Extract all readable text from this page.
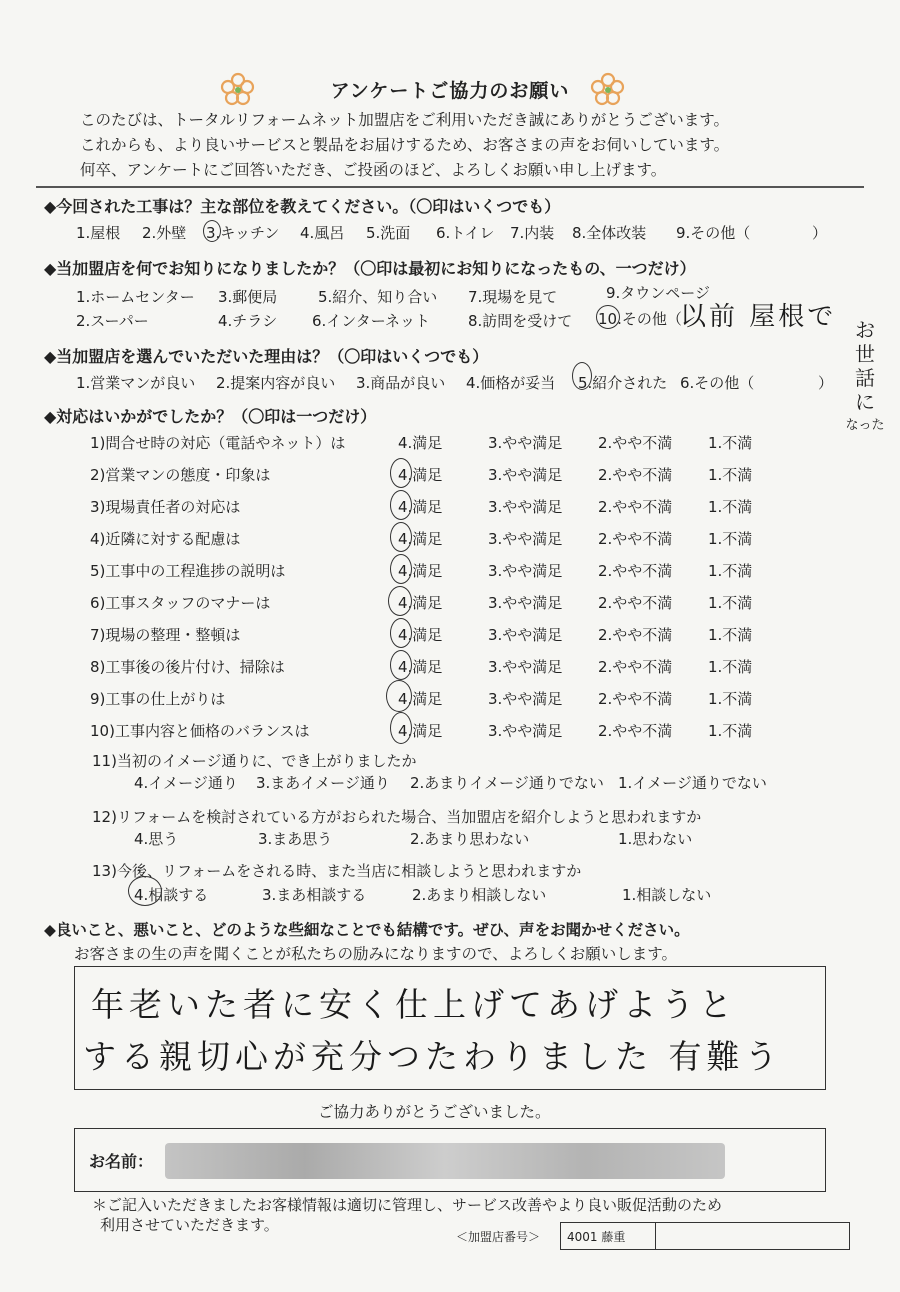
アンケートご協力のお願い
このたびは、トータルリフォームネット加盟店をご利用いただき誠にありがとうございます。
これからも、より良いサービスと製品をお届けするため、お客さまの声をお伺いしています。
何卒、アンケートにご回答いただき、ご投函のほど、よろしくお願い申し上げます。
◆今回された工事は？主な部位を教えてください。（〇印はいくつでも）
1.屋根 2.外壁 3.キッチン 4.風呂 5.洗面 6.トイレ 7.内装 8.全体改装 9.その他（	）
◆当加盟店を何でお知りになりましたか？（〇印は最初にお知りになったもの、一つだけ）
1.ホームセンター 3.郵便局	5.紹介、知り合い 7.現場を見て	9.タウンページ
2.スーパー	4.チラシ 6.インターネット	8.訪問を受けて 10.その他（
以前 屋根で お
世
話
に
なった
◆当加盟店を選んでいただいた理由は？（〇印はいくつでも）
1.営業マンが良い 2.提案内容が良い 3.商品が良い 4.価格が妥当 5.紹介された 6.その他（	）
◆対応はいかがでしたか？（〇印は一つだけ）
1)問合せ時の対応（電話やネット）は	4.満足	3.やや満足 2.やや不満 1.不満
2)営業マンの態度・印象は	4.満足	3.やや満足 2.やや不満 1.不満
3)現場責任者の対応は	4.満足	3.やや満足 2.やや不満 1.不満
4)近隣に対する配慮は	4.満足	3.やや満足 2.やや不満 1.不満
5)工事中の工程進捗の説明は	4.満足	3.やや満足 2.やや不満 1.不満
6)工事スタッフのマナーは	4.満足	3.やや満足 2.やや不満 1.不満
7)現場の整理・整頓は	4.満足	3.やや満足 2.やや不満 1.不満
8)工事後の後片付け、掃除は	4.満足	3.やや満足 2.やや不満 1.不満
9)工事の仕上がりは	4.満足	3.やや満足 2.やや不満 1.不満
10)工事内容と価格のバランスは	4.満足	3.やや満足 2.やや不満 1.不満
11)当初のイメージ通りに、でき上がりましたか
4.イメージ通り 3.まあイメージ通り 2.あまりイメージ通りでない 1.イメージ通りでない
12)リフォームを検討されている方がおられた場合、当加盟店を紹介しようと思われますか
4.思う	3.まあ思う	2.あまり思わない	1.思わない
13)今後、リフォームをされる時、また当店に相談しようと思われますか
4.相談する	3.まあ相談する	2.あまり相談しない	1.相談しない
◆良いこと、悪いこと、どのような些細なことでも結構です。ぜひ、声をお聞かせください。
お客さまの生の声を聞くことが私たちの励みになりますので、よろしくお願いします。
年老いた者に安く仕上げてあげようと
する親切心が充分つたわりました 有難う
ご協力ありがとうございました。
お名前：
＊ご記入いただきましたお客様情報は適切に管理し、サービス改善やより良い販促活動のため
利用させていただきます。
＜加盟店番号＞ 4001 藤重
